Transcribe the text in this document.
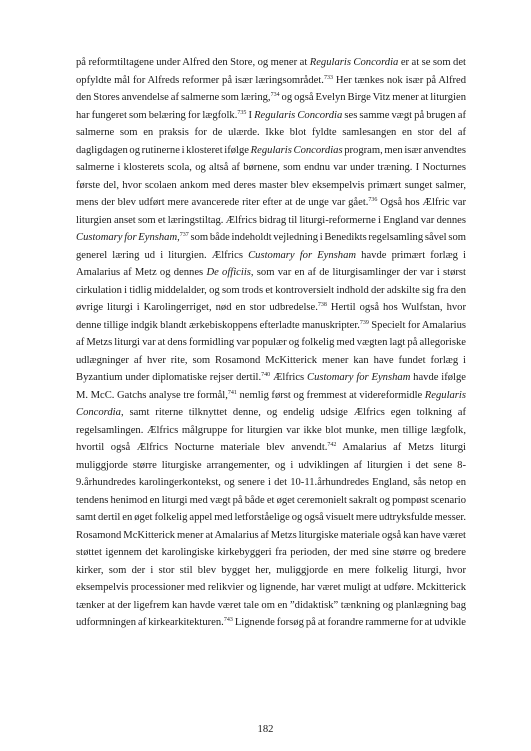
på reformtiltagene under Alfred den Store, og mener at Regularis Concordia er at se som det
opfyldte mål for Alfreds reformer på især læringsområdet.$^{733}$ Her tænkes nok især på Alfred
den Stores anvendelse af salmerne som læring,$^{734}$ og også Evelyn Birge Vitz mener at liturgien
har fungeret som belæring for lægfolk.$^{735}$ I Regularis Concordia ses samme vægt på brugen af
salmerne som en praksis for de ulærde. Ikke blot fyldte samlesangen en stor del af
dagligdagen og rutinerne i klosteret ifølge Regularis Concordias program, men især anvendtes
salmerne i klosterets scola, og altså af børnene, som endnu var under træning. I Nocturnes
første del, hvor scolaen ankom med deres master blev eksempelvis primært sunget salmer,
mens der blev udført mere avancerede riter efter at de unge var gået.$^{736}$ Også hos Ælfric var
liturgien anset som et læringstiltag. Ælfrics bidrag til liturgi-reformerne i England var dennes
Customary for Eynsham,$^{737}$ som både indeholdt vejledning i Benedikts regelsamling såvel som
generel læring ud i liturgien. Ælfrics Customary for Eynsham havde primært forlæg i
Amalarius af Metz og dennes De officiis, som var en af de liturgisamlinger der var i størst
cirkulation i tidlig middelalder, og som trods et kontroversielt indhold der adskilte sig fra den
øvrige liturgi i Karolingerriget, nød en stor udbredelse.$^{738}$ Hertil også hos Wulfstan, hvor
denne tillige indgik blandt ærkebiskoppens efterladte manuskripter.$^{739}$ Specielt for Amalarius
af Metzs liturgi var at dens formidling var populær og folkelig med vægten lagt på allegoriske
udlægninger af hver rite, som Rosamond McKitterick mener kan have fundet forlæg i
Byzantium under diplomatiske rejser dertil.$^{740}$ Ælfrics Customary for Eynsham havde ifølge
M. McC. Gatchs analyse tre formål,$^{741}$ nemlig først og fremmest at videreformidle Regularis
Concordia, samt riterne tilknyttet denne, og endelig udsige Ælfrics egen tolkning af
regelsamlingen. Ælfrics målgruppe for liturgien var ikke blot munke, men tillige lægfolk,
hvortil også Ælfrics Nocturne materiale blev anvendt.$^{742}$ Amalarius af Metzs liturgi
muliggjorde større liturgiske arrangementer, og i udviklingen af liturgien i det sene 8-
9.århundredes karolingerkontekst, og senere i det 10-11.århundredes England, sås netop en
tendens henimod en liturgi med vægt på både et øget ceremonielt sakralt og pompøst scenario
samt dertil en øget folkelig appel med letforståelige og også visuelt mere udtryksfulde messer.
Rosamond McKitterick mener at Amalarius af Metzs liturgiske materiale også kan have været
støttet igennem det karolingiske kirkebyggeri fra perioden, der med sine større og bredere
kirker, som der i stor stil blev bygget her, muliggjorde en mere folkelig liturgi, hvor
eksempelvis processioner med relikvier og lignende, har været muligt at udføre. Mckitterick
tænker at der ligefrem kan havde været tale om en ”didaktisk” tænkning og planlægning bag
udformningen af kirkearkitekturen.$^{743}$ Lignende forsøg på at forandre rammerne for at udvikle
182
